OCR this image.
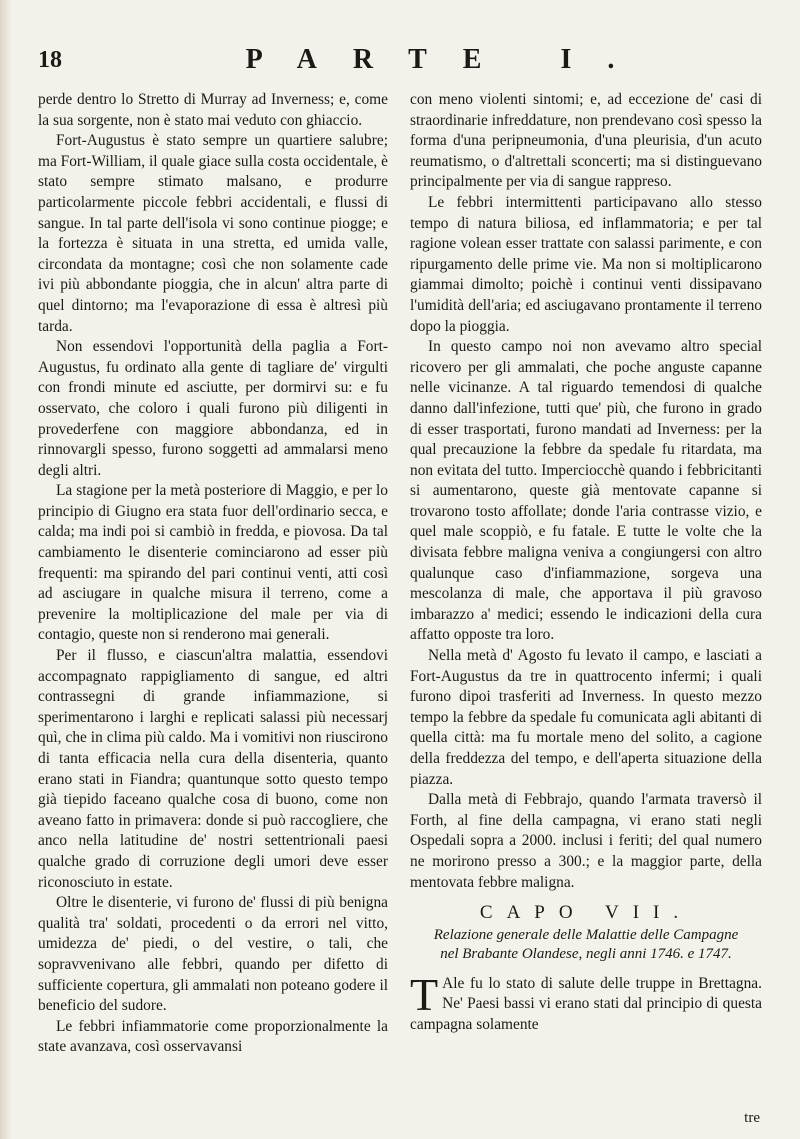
18	PARTE I.

perde dentro lo Stretto di Murray ad Inverness; e, come la sua sorgente, non è stato mai veduto con ghiaccio.

Fort-Augustus è stato sempre un quartiere salubre; ma Fort-William, il quale giace sulla costa occidentale, è stato sempre stimato malsano, e produrre particolarmente piccole febbri accidentali, e flussi di sangue. In tal parte dell'isola vi sono continue piogge; e la fortezza è situata in una stretta, ed umida valle, circondata da montagne; così che non solamente cade ivi più abbondante pioggia, che in alcun' altra parte di quel dintorno; ma l'evaporazione di essa è altresì più tarda.

Non essendovi l'opportunità della paglia a Fort-Augustus, fu ordinato alla gente di tagliare de' virgulti con frondi minute ed asciutte, per dormirvi su: e fu osservato, che coloro i quali furono più diligenti in provederfene con maggiore abbondanza, ed in rinnovargli spesso, furono soggetti ad ammalarsi meno degli altri.

La stagione per la metà posteriore di Maggio, e per lo principio di Giugno era stata fuor dell'ordinario secca, e calda; ma indi poi si cambiò in fredda, e piovosa. Da tal cambiamento le disenterie cominciarono ad esser più frequenti: ma spirando del pari continui venti, atti così ad asciugare in qualche misura il terreno, come a prevenire la moltiplicazione del male per via di contagio, queste non si renderono mai generali.

Per il flusso, e ciascun'altra malattia, essendovi accompagnato rappigliamento di sangue, ed altri contrassegni di grande infiammazione, si sperimentarono i larghi e replicati salassi più necessarj quì, che in clima più caldo. Ma i vomitivi non riuscirono di tanta efficacia nella cura della disenteria, quanto erano stati in Fiandra; quantunque sotto questo tempo già tiepido faceano qualche cosa di buono, come non aveano fatto in primavera: donde si può raccogliere, che anco nella latitudine de' nostri settentrionali paesi qualche grado di corruzione degli umori deve esser riconosciuto in estate.

Oltre le disenterie, vi furono de' flussi di più benigna qualità tra' soldati, procedenti o da errori nel vitto, umidezza de' piedi, o del vestire, o tali, che sopravvenivano alle febbri, quando per difetto di sufficiente copertura, gli ammalati non poteano godere il beneficio del sudore.

Le febbri infiammatorie come proporzionalmente la state avanzava, così osservavansi

con meno violenti sintomi; e, ad eccezione de' casi di straordinarie infreddature, non prendevano così spesso la forma d'una peripneumonia, d'una pleurisia, d'un acuto reumatismo, o d'altrettali sconcerti; ma si distinguevano principalmente per via di sangue rappreso.

Le febbri intermittenti participavano allo stesso tempo di natura biliosa, ed inflammatoria; e per tal ragione volean esser trattate con salassi parimente, e con ripurgamento delle prime vie. Ma non si moltiplicarono giammai dimolto; poichè i continui venti dissipavano l'umidità dell'aria; ed asciugavano prontamente il terreno dopo la pioggia.

In questo campo noi non avevamo altro special ricovero per gli ammalati, che poche anguste capanne nelle vicinanze. A tal riguardo temendosi di qualche danno dall'infezione, tutti que' più, che furono in grado di esser trasportati, furono mandati ad Inverness: per la qual precauzione la febbre da spedale fu ritardata, ma non evitata del tutto. Imperciocchè quando i febbricitanti si aumentarono, queste già mentovate capanne si trovarono tosto affollate; donde l'aria contrasse vizio, e quel male scoppiò, e fu fatale. E tutte le volte che la divisata febbre maligna veniva a congiungersi con altro qualunque caso d'infiammazione, sorgeva una mescolanza di male, che apportava il più gravoso imbarazzo a' medici; essendo le indicazioni della cura affatto opposte tra loro.

Nella metà d' Agosto fu levato il campo, e lasciati a Fort-Augustus da tre in quattrocento infermi; i quali furono dipoi trasferiti ad Inverness. In questo mezzo tempo la febbre da spedale fu comunicata agli abitanti di quella città: ma fu mortale meno del solito, a cagione della freddezza del tempo, e dell'aperta situazione della piazza.

Dalla metà di Febbrajo, quando l'armata traversò il Forth, al fine della campagna, vi erano stati negli Ospedali sopra a 2000. inclusi i feriti; del qual numero ne morirono presso a 300.; e la maggior parte, della mentovata febbre maligna.

CAPO VII.
Relazione generale delle Malattie delle Campagne nel Brabante Olandese, negli anni 1746. e 1747.

T Ale fu lo stato di salute delle truppe in Brettagna. Ne' Paesi bassi vi erano stati dal principio di questa campagna solamente

tre
